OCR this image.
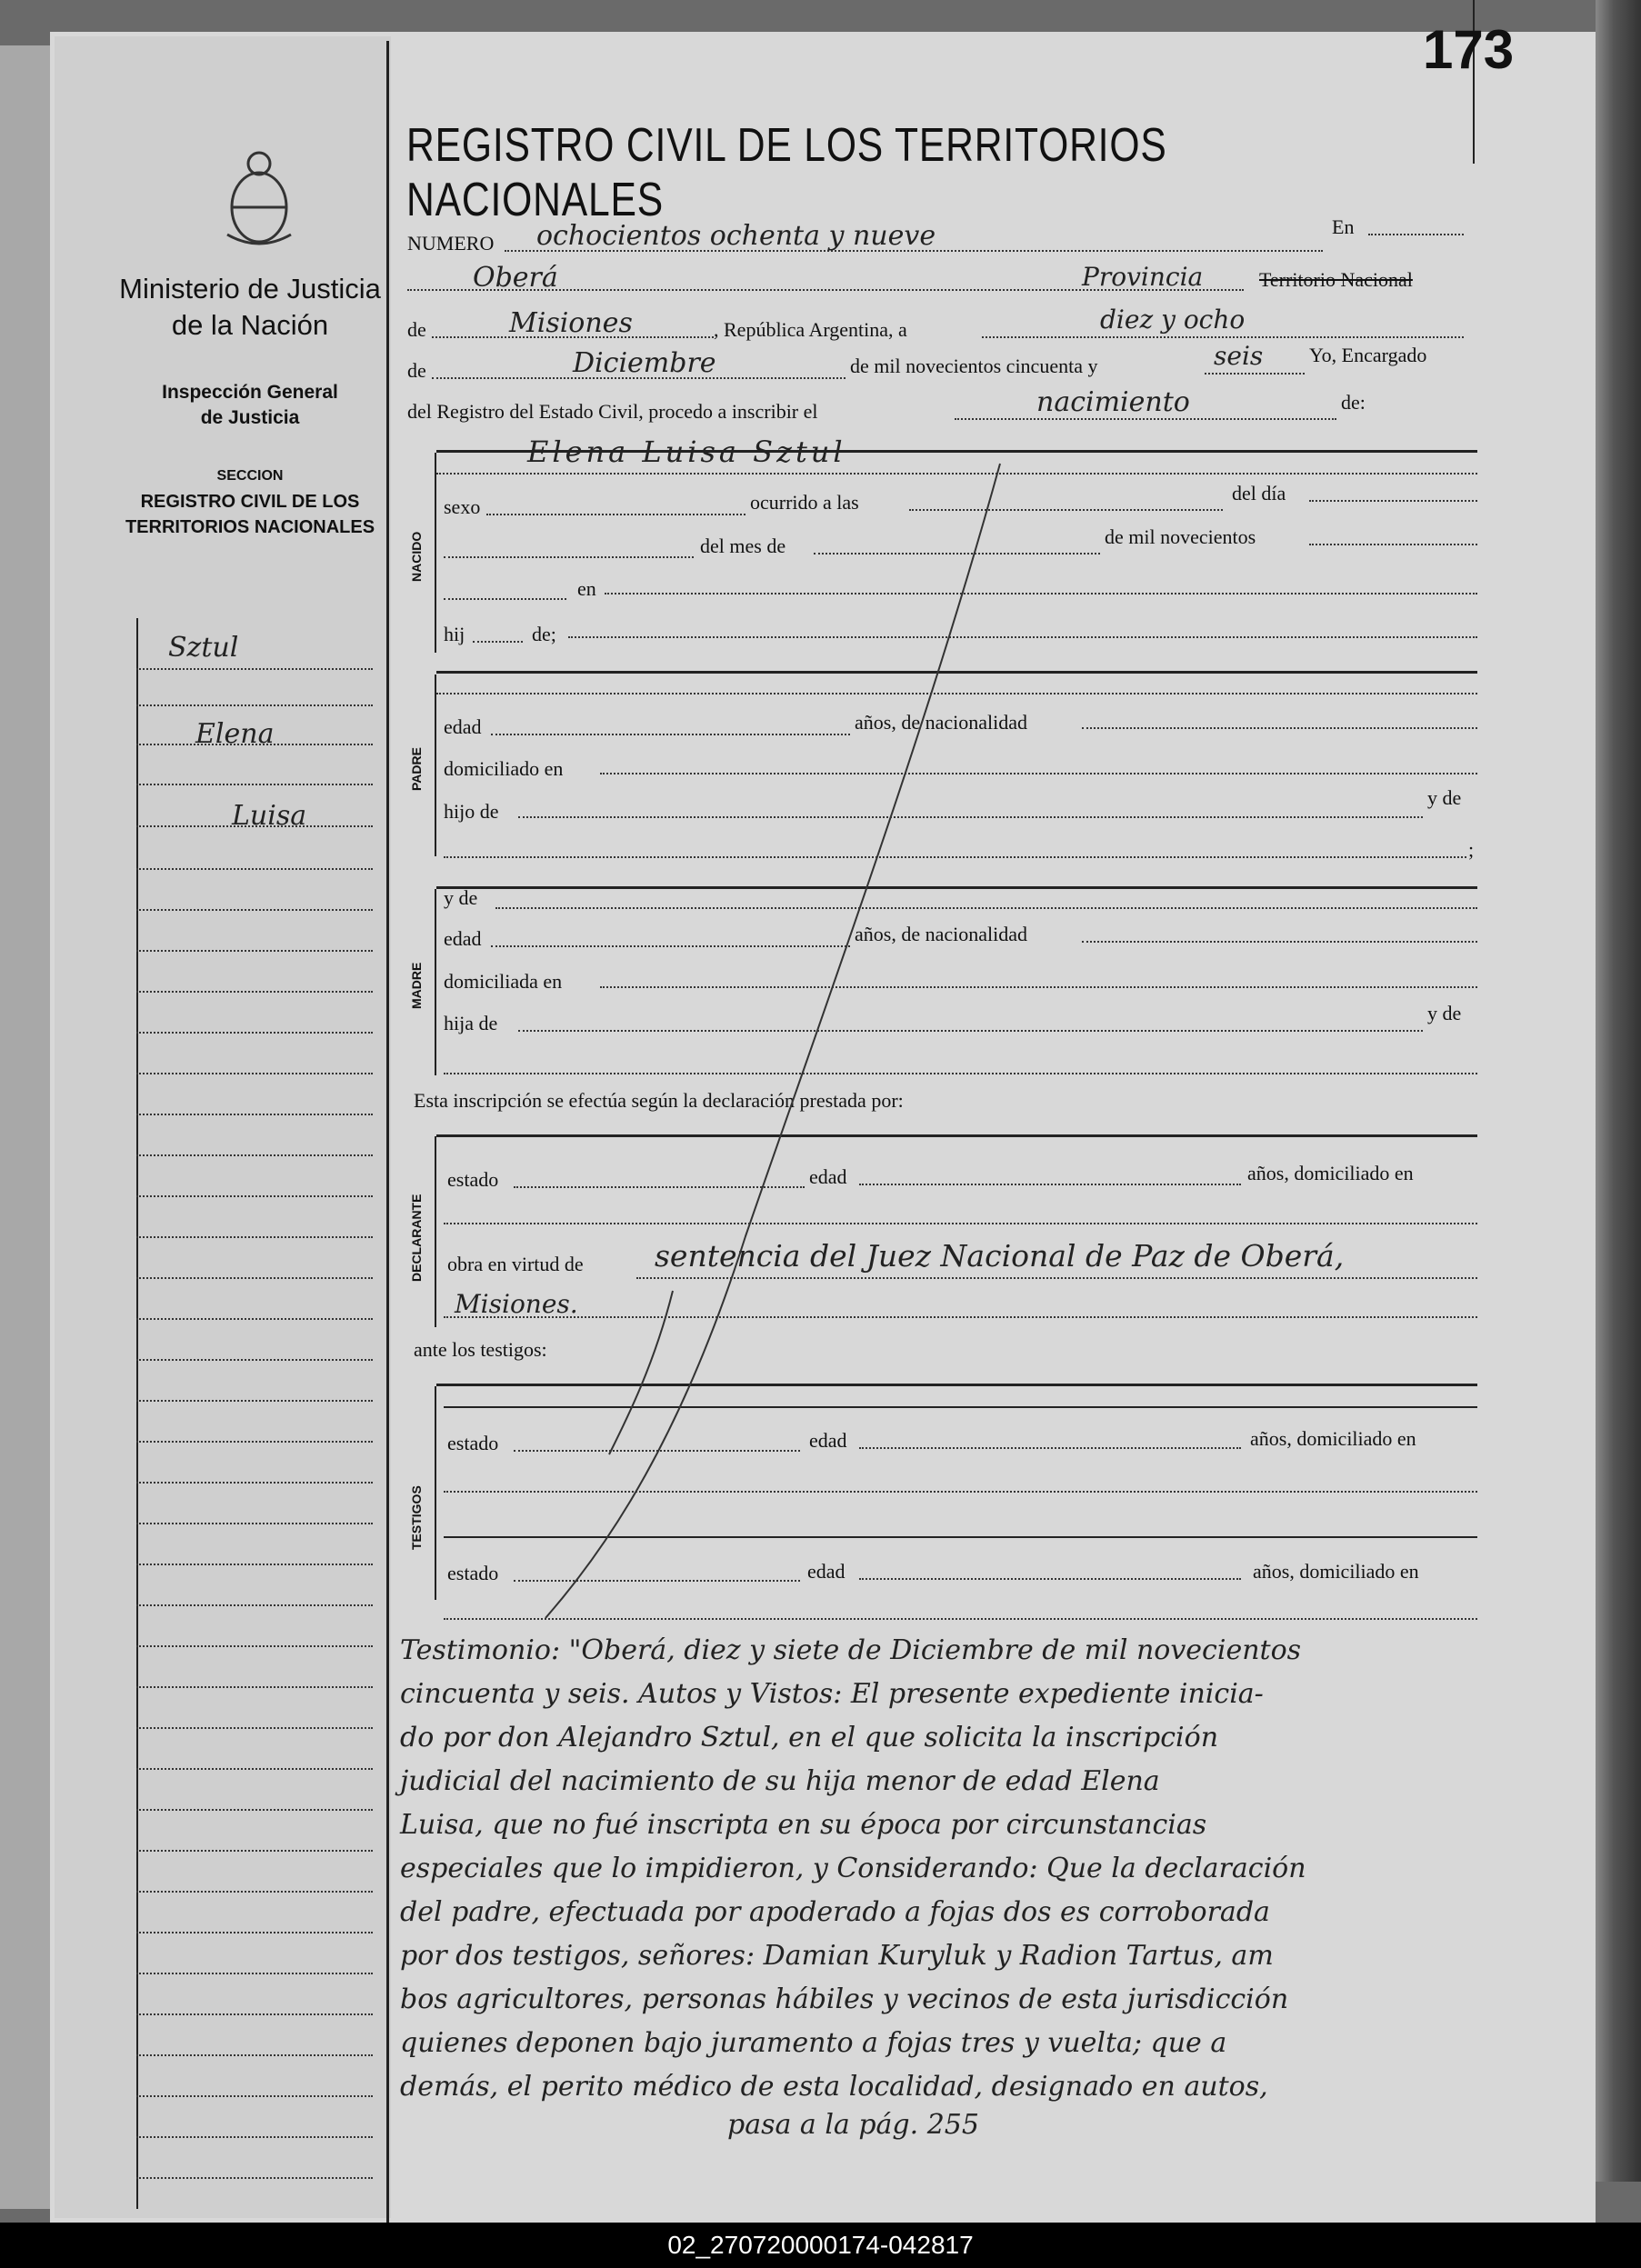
173
REGISTRO CIVIL DE LOS TERRITORIOS NACIONALES
Ministerio de Justicia
de la Nación
Inspección General
de Justicia
SECCION
REGISTRO CIVIL DE LOS
TERRITORIOS NACIONALES
Sztul
Elena
Luisa
NUMERO ochocientos ochenta y nueve	En
Oberá	Provincia	Territorio Nacional
de	Misiones	, República Argentina, a	diez y ocho
de	Diciembre	de mil novecientos cincuenta y	seis Yo, Encargado
del Registro del Estado Civil, procedo a inscribir el	nacimiento	de:
Elena Luisa Sztul
NACIDO
sexo	ocurrido a las	del día
del mes de	de mil novecientos
en
hij	de;
PADRE
edad	años, de nacionalidad
domiciliado en
hijo de
y de
;
MADRE
y de
edad	años, de nacionalidad
domiciliada en
hija de	y de
Esta inscripción se efectúa según la declaración prestada por:
DECLARANTE
estado	edad	años, domiciliado en
obra en virtud de sentencia del Juez Nacional de Paz de Oberá,
Misiones.
ante los testigos:
TESTIGOS
estado	edad	años, domiciliado en
estado	edad	años, domiciliado en
Testimonio: "Oberá, diez y siete de Diciembre de mil novecientos
cincuenta y seis. Autos y Vistos: El presente expediente inicia-
do por don Alejandro Sztul, en el que solicita la inscripción
judicial del nacimiento de su hija menor de edad Elena
Luisa, que no fué inscripta en su época por circunstancias
especiales que lo impidieron, y Considerando: Que la declaración
del padre, efectuada por apoderado a fojas dos es corroborada
por dos testigos, señores: Damian Kuryluk y Radion Tartus, am
bos agricultores, personas hábiles y vecinos de esta jurisdicción
quienes deponen bajo juramento a fojas tres y vuelta; que a
demás, el perito médico de esta localidad, designado en autos,
pasa a la pág. 255
02_270720000174-042817
